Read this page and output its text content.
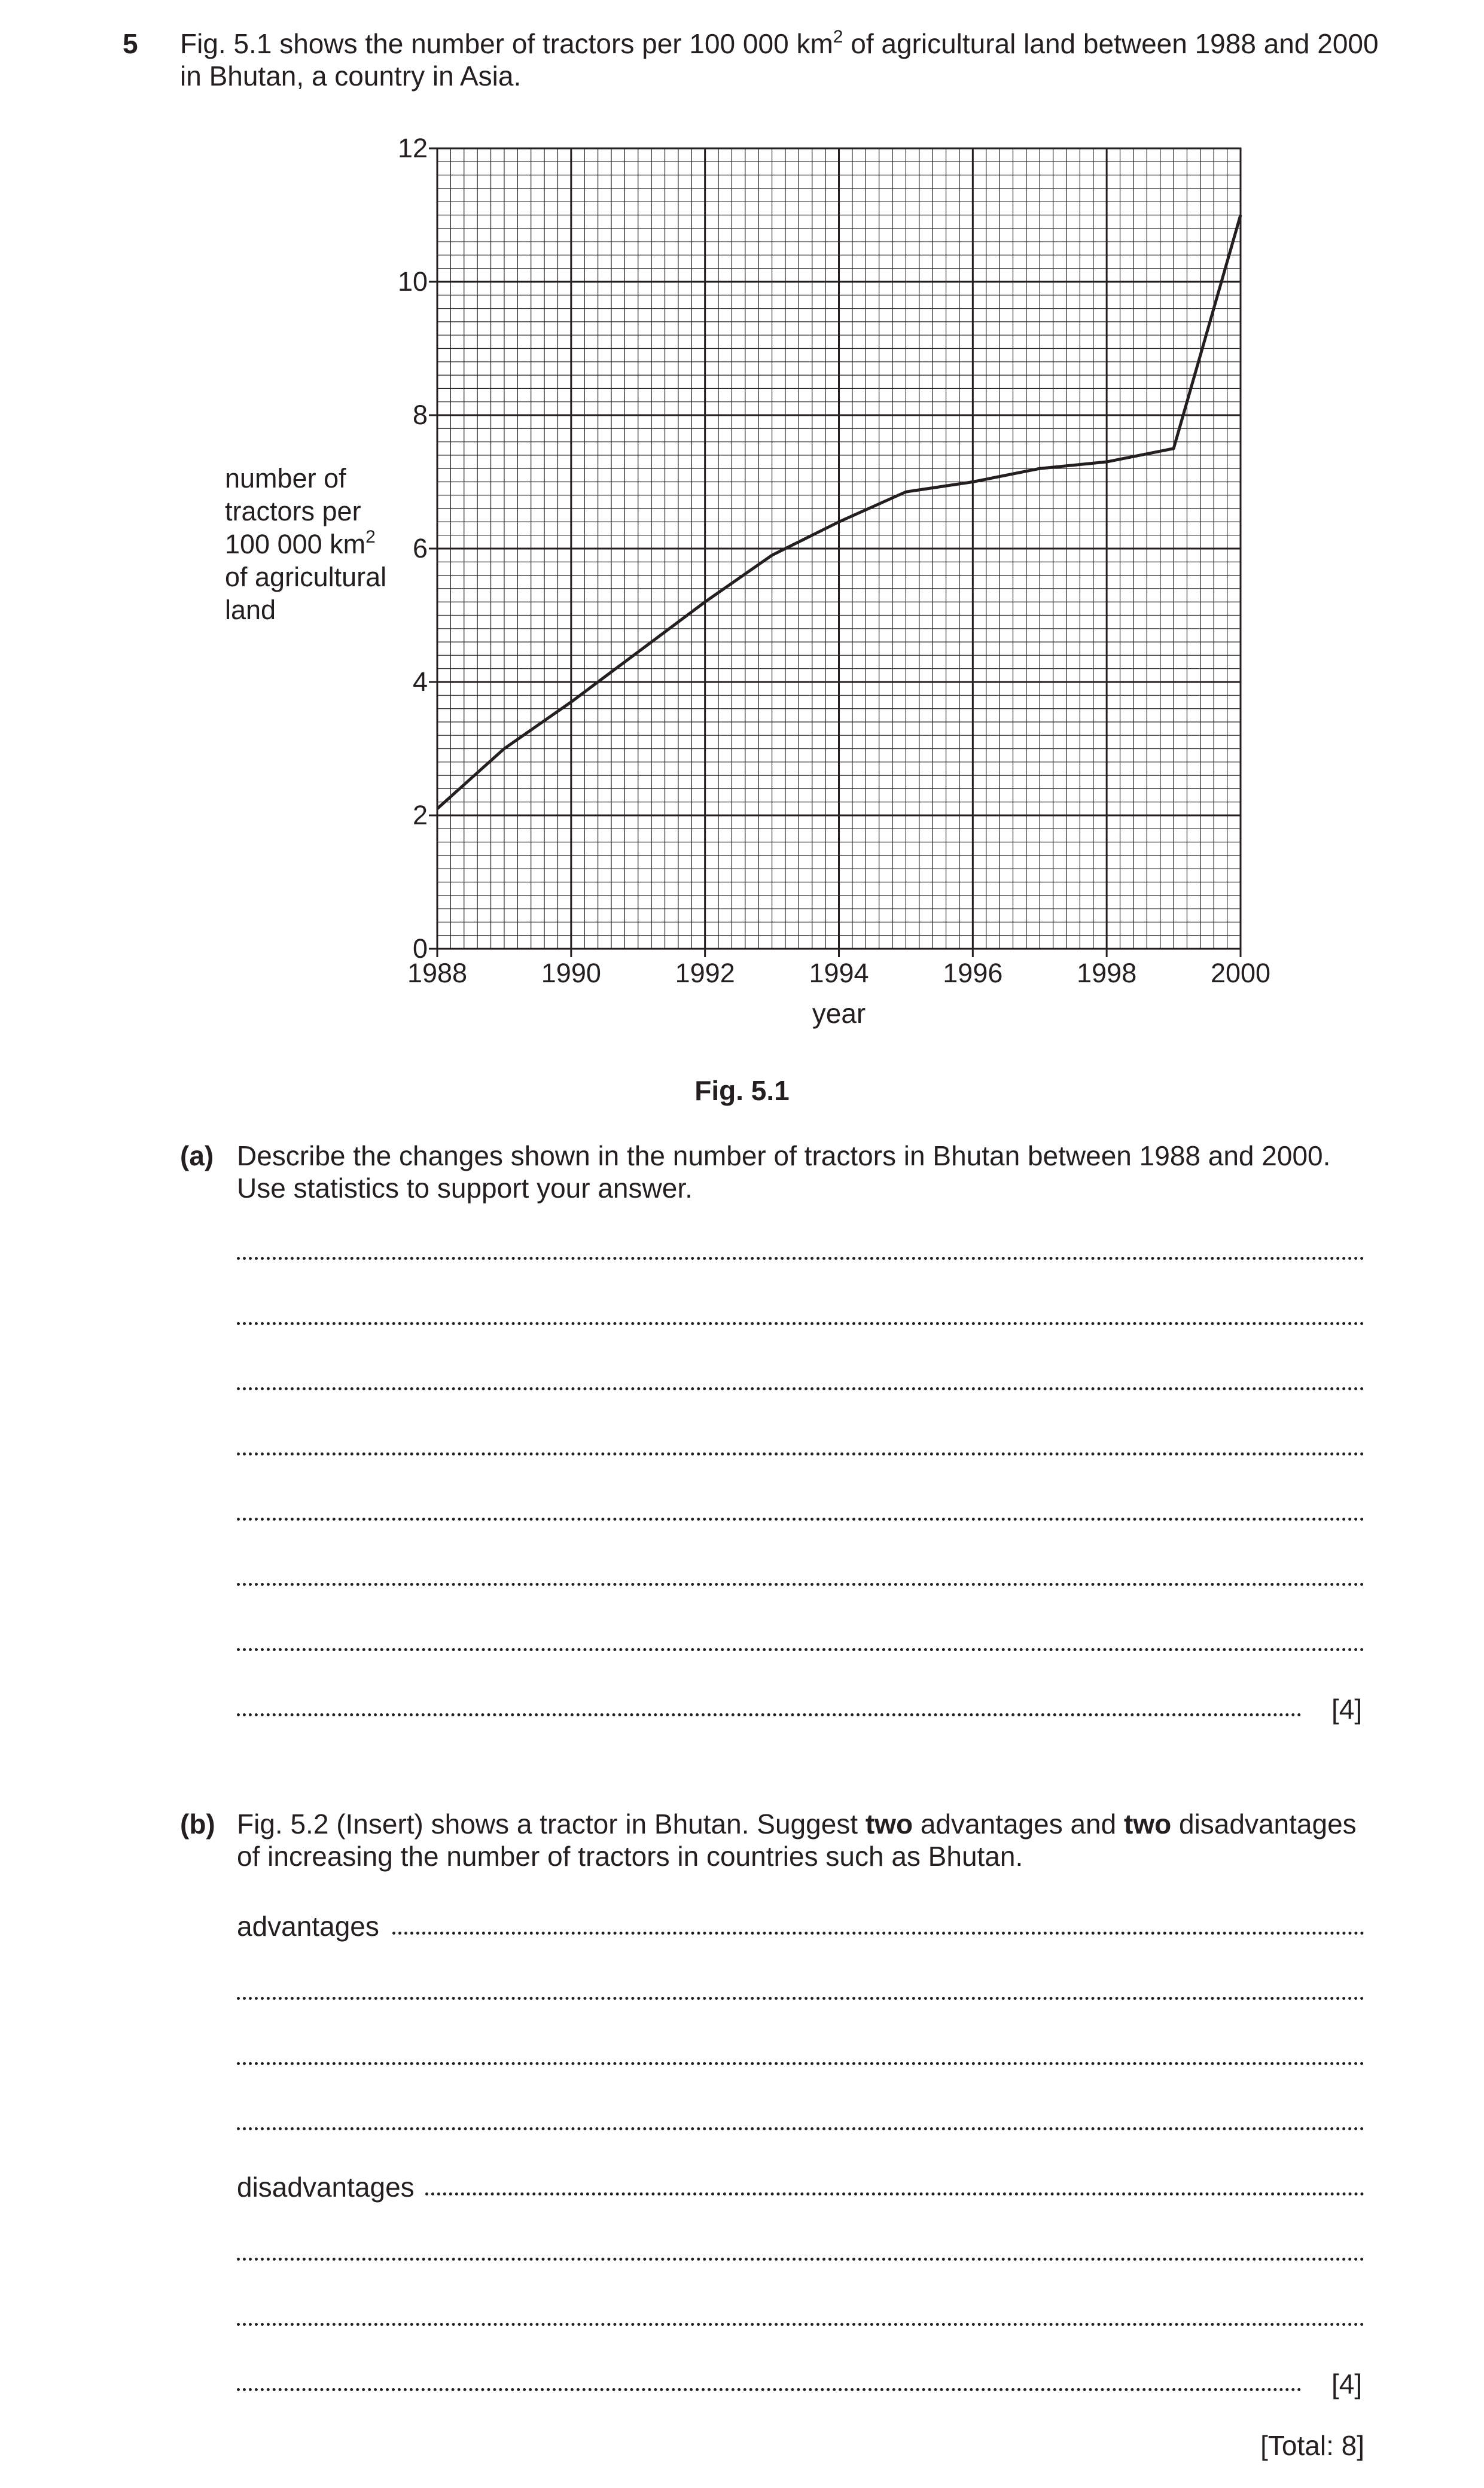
5 Fig. 5.1 shows the number of tractors per 100 000 $km^2$ of agricultural land between 1988 and 2000
in Bhutan, a country in Asia.
0
2
4
6
8
10
12
1988	1990	1992	1994	1996	1998	2000
year
number of
tractors per
100 000 $km^2$
of agricultural
land
Fig. 5.1
(a) Describe the changes shown in the number of tractors in Bhutan between 1988 and 2000.
Use statistics to support your answer.
[4]
(b) Fig. 5.2 (Insert) shows a tractor in Bhutan. Suggest two advantages and two disadvantages
of increasing the number of tractors in countries such as Bhutan.
advantages
disadvantages
[4]
[Total: 8]
